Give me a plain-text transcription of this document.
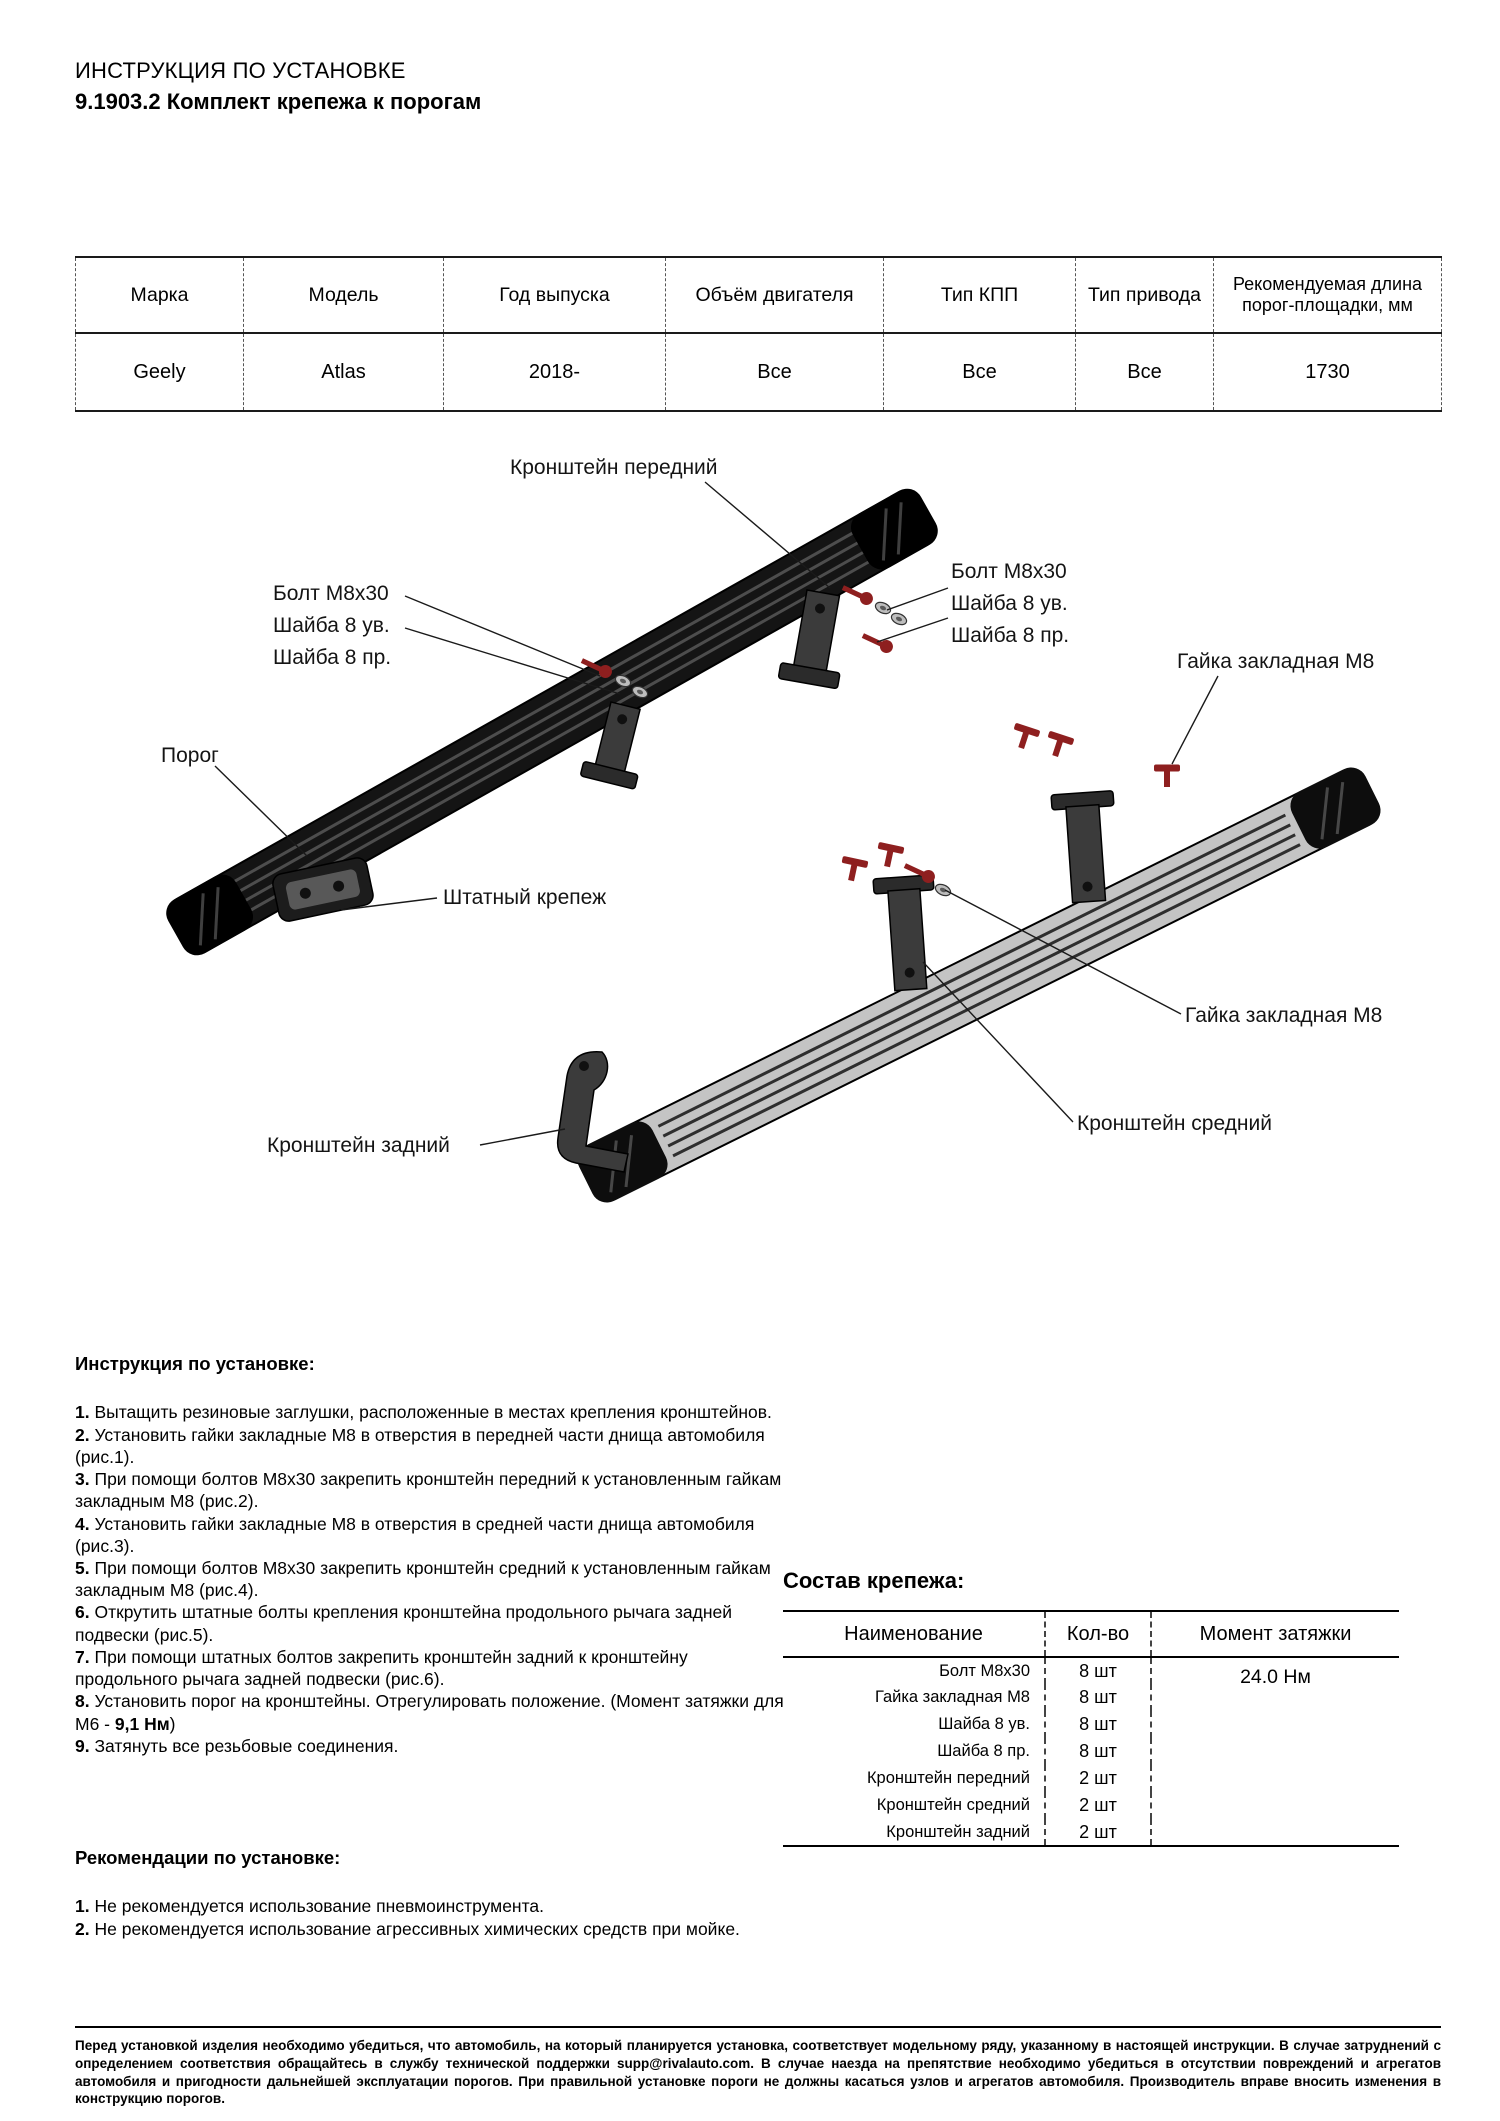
ИНСТРУКЦИЯ ПО УСТАНОВКЕ
9.1903.2 Комплект крепежа к порогам
Марка	Модель	Год выпуска	Объём двигателя	Тип КПП	Тип привода	Рекомендуемая длина порог-площадки, мм
Geely	Atlas	2018-	Все	Все	Все	1730
Кронштейн передний
Болт М8х30
Шайба 8 ув.
Шайба 8 пр.
Болт М8х30
Шайба 8 ув.
Шайба 8 пр.
Гайка закладная М8
Порог
Штатный крепеж
Гайка закладная М8
Кронштейн задний
Кронштейн средний
Инструкция по установке:
1. Вытащить резиновые заглушки, расположенные в местах крепления кронштейнов.
2. Установить гайки закладные М8 в отверстия в передней части днища автомобиля (рис.1).
3. При помощи болтов М8х30 закрепить кронштейн передний к установленным гайкам закладным М8 (рис.2).
4. Установить гайки закладные М8 в отверстия в средней части днища автомобиля (рис.3).
5. При помощи болтов М8х30 закрепить кронштейн средний к установленным гайкам закладным М8 (рис.4).
6. Открутить штатные болты крепления кронштейна продольного рычага задней подвески (рис.5).
7. При помощи штатных болтов закрепить кронштейн задний к кронштейну продольного рычага задней подвески (рис.6).
8. Установить порог на кронштейны. Отрегулировать положение. (Момент затяжки для М6 - 9,1 Нм)
9. Затянуть все резьбовые соединения.
Рекомендации по установке:
1. Не рекомендуется использование пневмоинструмента.
2. Не рекомендуется использование агрессивных химических средств при мойке.
Состав крепежа:
Наименование	Кол-во	Момент затяжки
Болт М8х30	8 шт	24.0 Нм
Гайка закладная М8	8 шт	
Шайба 8 ув.	8 шт	
Шайба 8 пр.	8 шт	
Кронштейн передний	2 шт	
Кронштейн средний	2 шт	
Кронштейн задний	2 шт	

Перед установкой изделия необходимо убедиться, что автомобиль, на который планируется установка, соответствует модельному ряду, указанному в настоящей инструкции. В случае затруднений с определением соответствия обращайтесь в службу технической поддержки supp@rivalauto.com. В случае наезда на препятствие необходимо убедиться в отсутствии повреждений и агрегатов автомобиля и пригодности дальнейшей эксплуатации порогов. При правильной установке пороги не должны касаться узлов и агрегатов автомобиля. Производитель вправе вносить изменения в конструкцию порогов.
